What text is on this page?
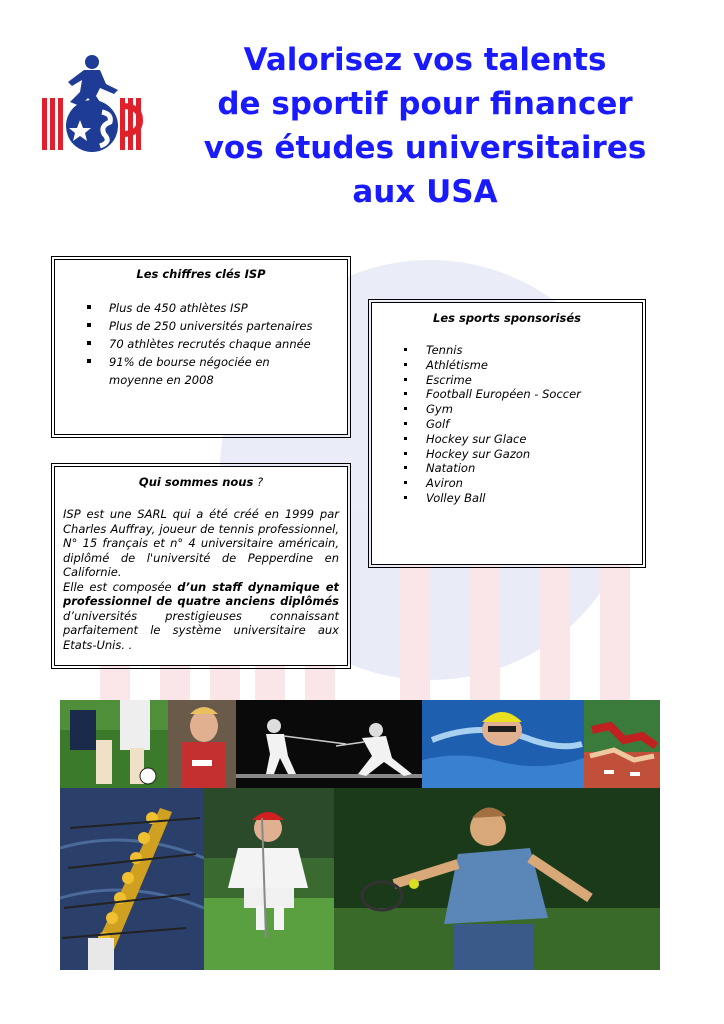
Valorisez vos talents
de sportif pour financer
vos études universitaires
aux USA
Les chiffres clés ISP
Plus de 450 athlètes ISP
Plus de 250 universités partenaires
70 athlètes recrutés chaque année
91% de bourse négociée en moyenne en 2008
Les sports sponsorisés
Tennis
Athlétisme
Escrime
Football Européen - Soccer
Gym
Golf
Hockey sur Glace
Hockey sur Gazon
Natation
Aviron
Volley Ball
Qui sommes nous ?

ISP est une SARL qui a été créé en 1999 par Charles Auffray, joueur de tennis professionnel, N° 15 français et n° 4 universitaire américain, diplômé de l'université de Pepperdine en Californie.

Elle est composée d’un staff dynamique et professionnel de quatre anciens diplômés d’universités prestigieuses connaissant parfaitement le système universitaire aux Etats-Unis. .
